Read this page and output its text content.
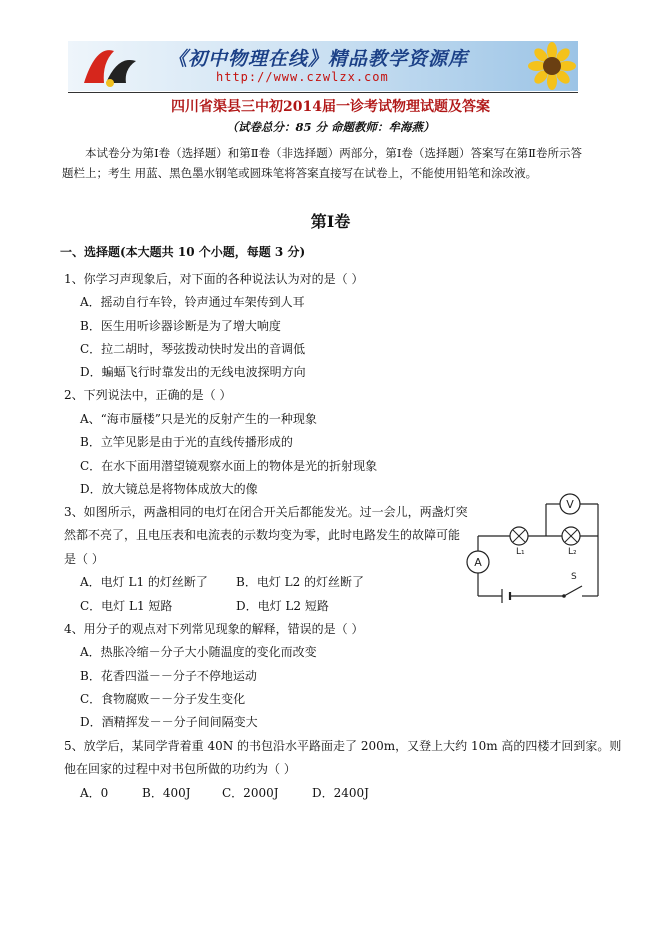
《初中物理在线》精品教学资源库
http://www.czwlzx.com
四川省渠县三中初2014届一诊考试物理试题及答案
（试卷总分：85 分 命题教师：牟海燕）
本试卷分为第Ⅰ卷（选择题）和第Ⅱ卷（非选择题）两部分，第Ⅰ卷（选择题）答案写在第Ⅱ卷所示答题栏上；考生 用蓝、黑色墨水钢笔或圆珠笔将答案直接写在试卷上，不能使用铅笔和涂改液。
第Ⅰ卷
一、选择题(本大题共 10 个小题，每题 3 分)
1、你学习声现象后，对下面的各种说法认为对的是（ ）
A．摇动自行车铃，铃声通过车架传到人耳
B．医生用听诊器诊断是为了增大响度
C．拉二胡时，琴弦拨动快时发出的音调低
D．蝙蝠飞行时靠发出的无线电波探明方向
2、下列说法中，正确的是（ ）
A、“海市蜃楼”只是光的反射产生的一种现象
B．立竿见影是由于光的直线传播形成的
C．在水下面用潜望镜观察水面上的物体是光的折射现象
D．放大镜总是将物体成放大的像
3、如图所示，两盏相同的电灯在闭合开关后都能发光。过一会儿，两盏灯突
然都不亮了，且电压表和电流表的示数均变为零，此时电路发生的故障可能
是（ ）
A．电灯 L1 的灯丝断了 B．电灯 L2 的灯丝断了
C．电灯 L1 短路	D．电灯 L2 短路
V
A
L₁	L₂
S
4、用分子的观点对下列常见现象的解释，错误的是（ ）
A．热胀冷缩－分子大小随温度的变化而改变
B．花香四溢－－分子不停地运动
C．食物腐败－－分子发生变化
D．酒精挥发－－分子间间隔变大
5、放学后，某同学背着重 40N 的书包沿水平路面走了 200m，又登上大约 10m 高的四楼才回到家。则
他在回家的过程中对书包所做的功约为（ ）
A．0	B．400J	C．2000J	D．2400J
